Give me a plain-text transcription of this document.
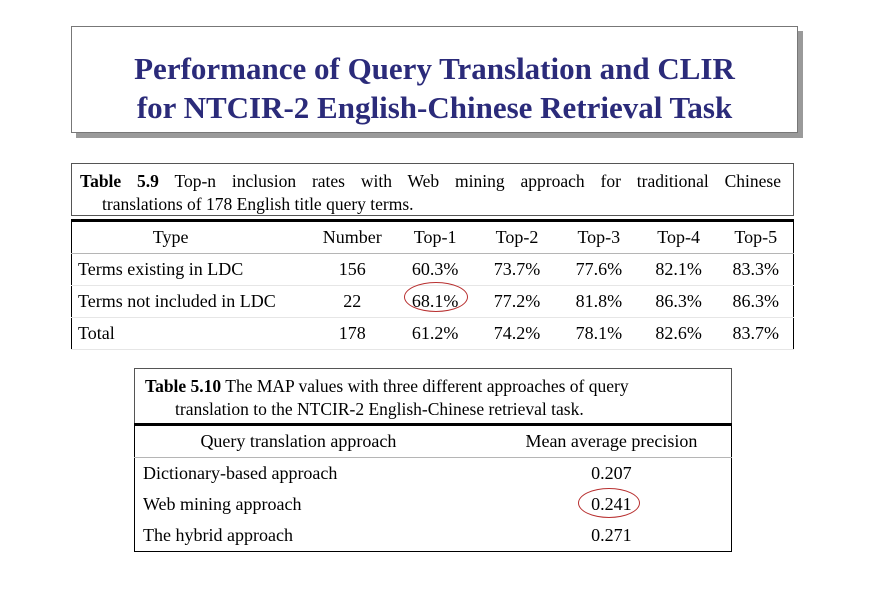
Performance of Query Translation and CLIR
for NTCIR-2 English-Chinese Retrieval Task
Table 5.9 Top-n inclusion rates with Web mining approach for traditional Chinese
translations of 178 English title query terms.
Type	Number	Top-1	Top-2	Top-3	Top-4	Top-5
Terms existing in LDC	156	60.3%	73.7%	77.6%	82.1%	83.3%
Terms not included in LDC	22	68.1%	77.2%	81.8%	86.3%	86.3%
Total	178	61.2%	74.2%	78.1%	82.6%	83.7%
Table 5.10 The MAP values with three different approaches of query
translation to the NTCIR-2 English-Chinese retrieval task.
Query translation approach	Mean average precision
Dictionary-based approach	0.207
Web mining approach	0.241
The hybrid approach	0.271
